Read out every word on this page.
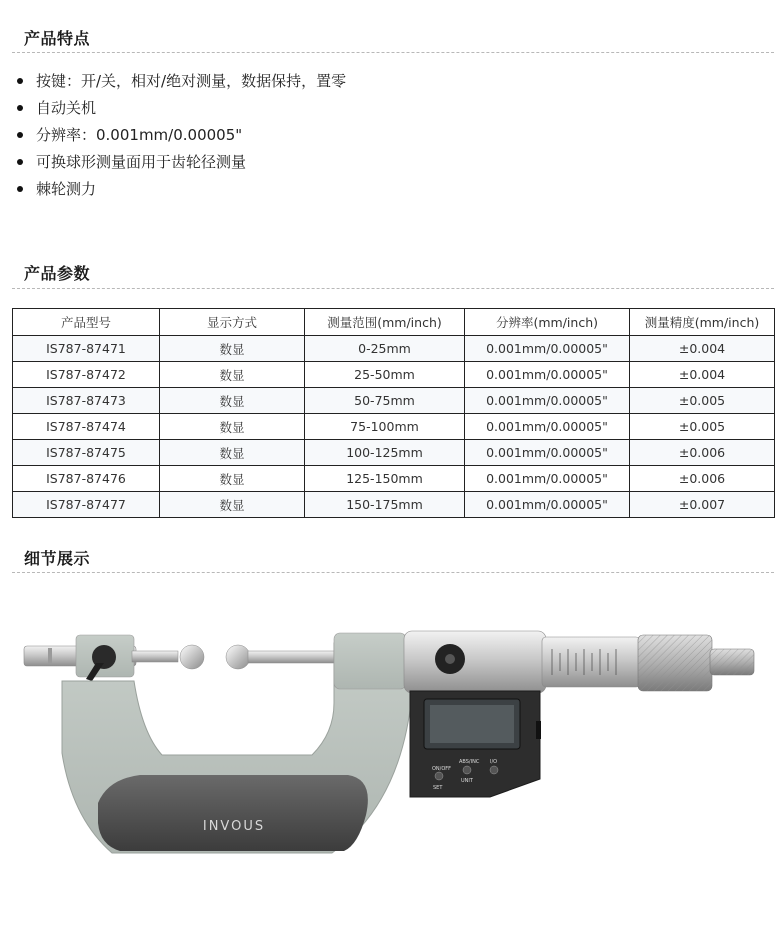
产品特点
按键：开/关，相对/绝对测量，数据保持，置零
自动关机
分辨率：0.001mm/0.00005"
可换球形测量面用于齿轮径测量
棘轮测力
产品参数
产品型号	显示方式	测量范围(mm/inch)	分辨率(mm/inch)	测量精度(mm/inch)
IS787-87471	数显	0-25mm	0.001mm/0.00005"	±0.004
IS787-87472	数显	25-50mm	0.001mm/0.00005"	±0.004
IS787-87473	数显	50-75mm	0.001mm/0.00005"	±0.005
IS787-87474	数显	75-100mm	0.001mm/0.00005"	±0.005
IS787-87475	数显	100-125mm	0.001mm/0.00005"	±0.006
IS787-87476	数显	125-150mm	0.001mm/0.00005"	±0.006
IS787-87477	数显	150-175mm	0.001mm/0.00005"	±0.007
细节展示
INVOUS
ON/OFF
SET
ABS/INC
UNIT
I/O
